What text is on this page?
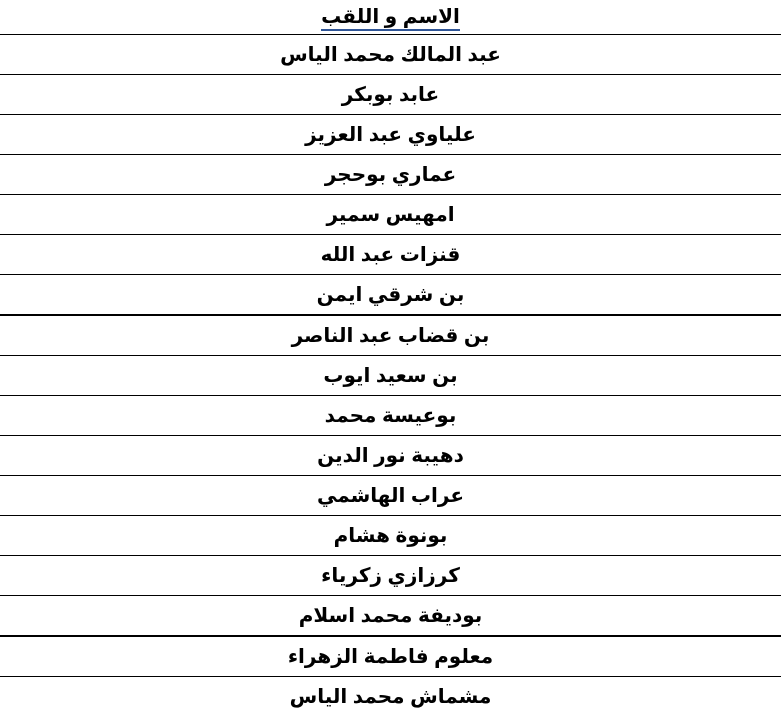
الاسم و اللقب
عبد المالك محمد الياس
عابد بوبكر
علياوي عبد العزيز
عماري بوحجر
امهيس سمير
قنزات عبد الله
بن شرقي ايمن
بن قضاب عبد الناصر
بن سعيد ايوب
بوعيسة محمد
دهيبة نور الدين
عراب الهاشمي
بونوة هشام
كرزازي زكرياء
بوديفة محمد اسلام
معلوم فاطمة الزهراء
مشماش محمد الياس
